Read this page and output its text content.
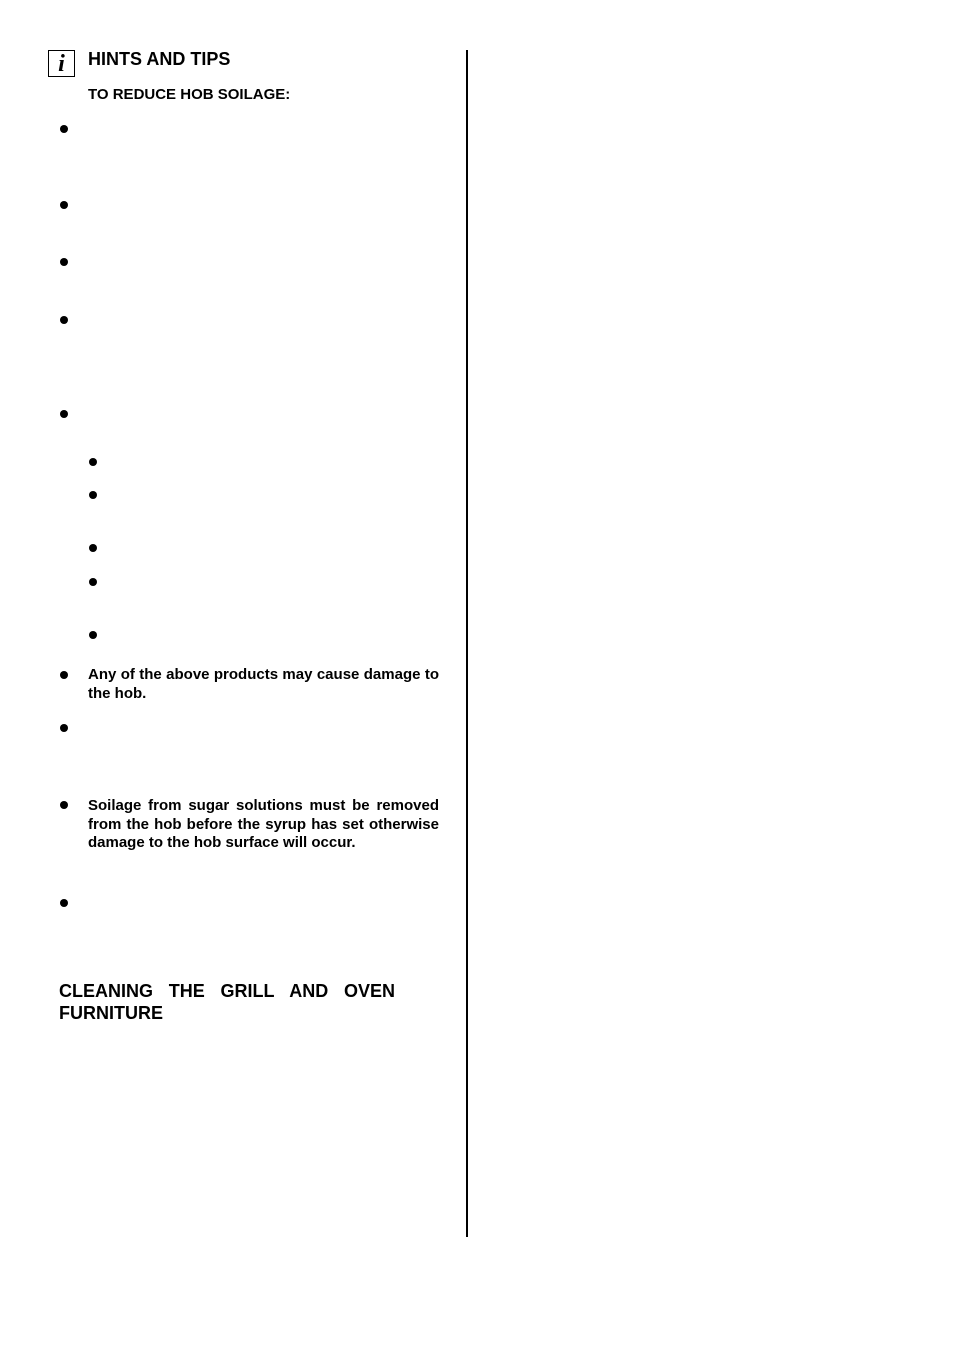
i	HINTS AND TIPS
TO REDUCE HOB SOILAGE:
Any of the above products may cause damage to the hob.
Soilage from sugar solutions must be removed from the hob before the syrup has set otherwise damage to the hob surface will occur.
CLEANING THE GRILL AND OVEN FURNITURE
